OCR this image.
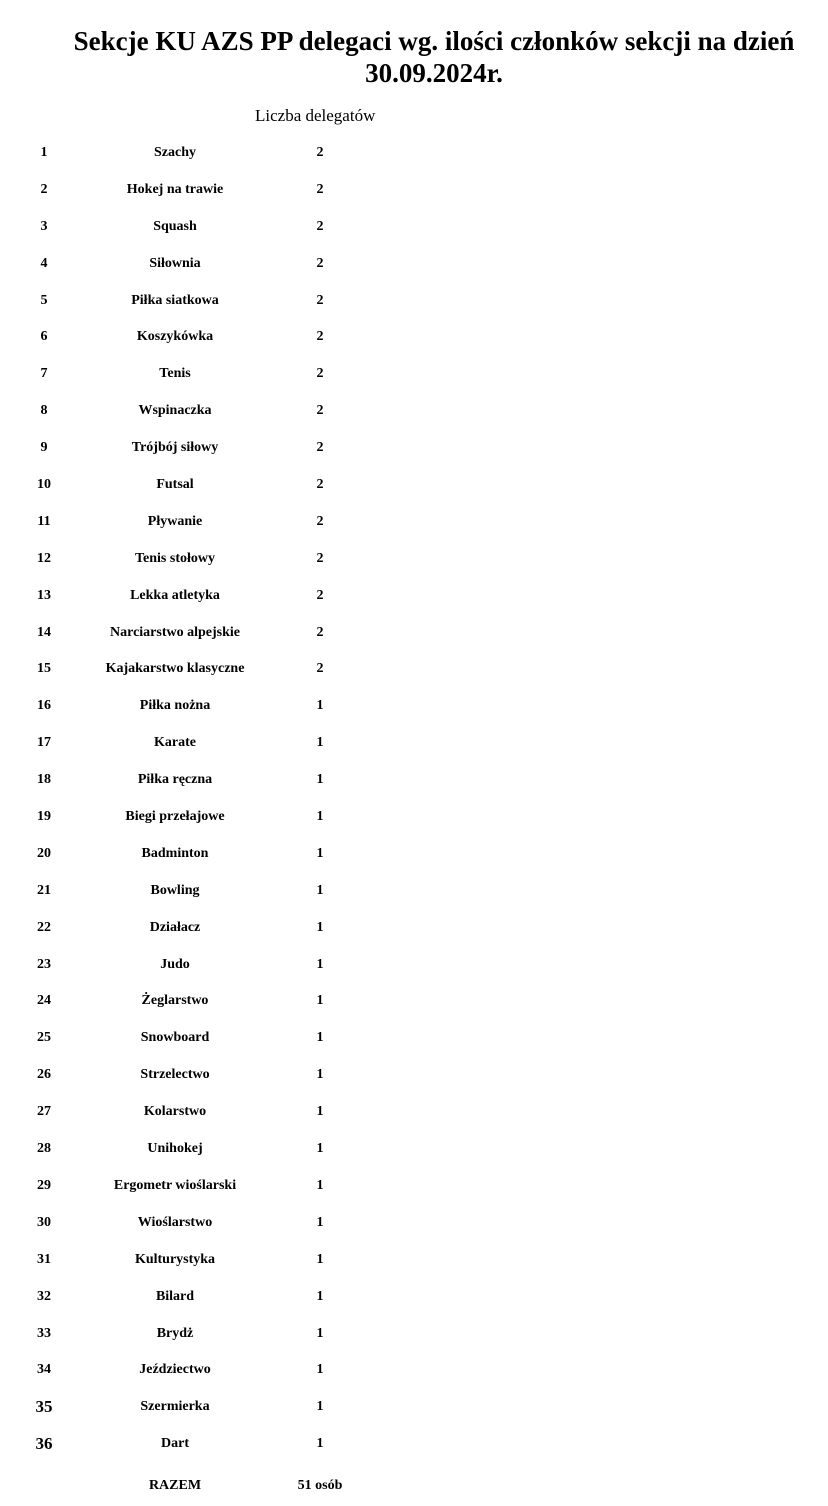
Sekcje KU AZS PP delegaci wg. ilości członków sekcji na dzień 30.09.2024r.
Liczba delegatów
1	Szachy	2
2	Hokej na trawie	2
3	Squash	2
4	Siłownia	2
5	Piłka siatkowa	2
6	Koszykówka	2
7	Tenis	2
8	Wspinaczka	2
9	Trójbój siłowy	2
10	Futsal	2
11	Pływanie	2
12	Tenis stołowy	2
13	Lekka atletyka	2
14	Narciarstwo alpejskie	2
15	Kajakarstwo klasyczne	2
16	Piłka nożna	1
17	Karate	1
18	Piłka ręczna	1
19	Biegi przełajowe	1
20	Badminton	1
21	Bowling	1
22	Działacz	1
23	Judo	1
24	Żeglarstwo	1
25	Snowboard	1
26	Strzelectwo	1
27	Kolarstwo	1
28	Unihokej	1
29	Ergometr wioślarski	1
30	Wioślarstwo	1
31	Kulturystyka	1
32	Bilard	1
33	Brydż	1
34	Jeździectwo	1
35	Szermierka	1
36	Dart	1
RAZEM	51 osób
